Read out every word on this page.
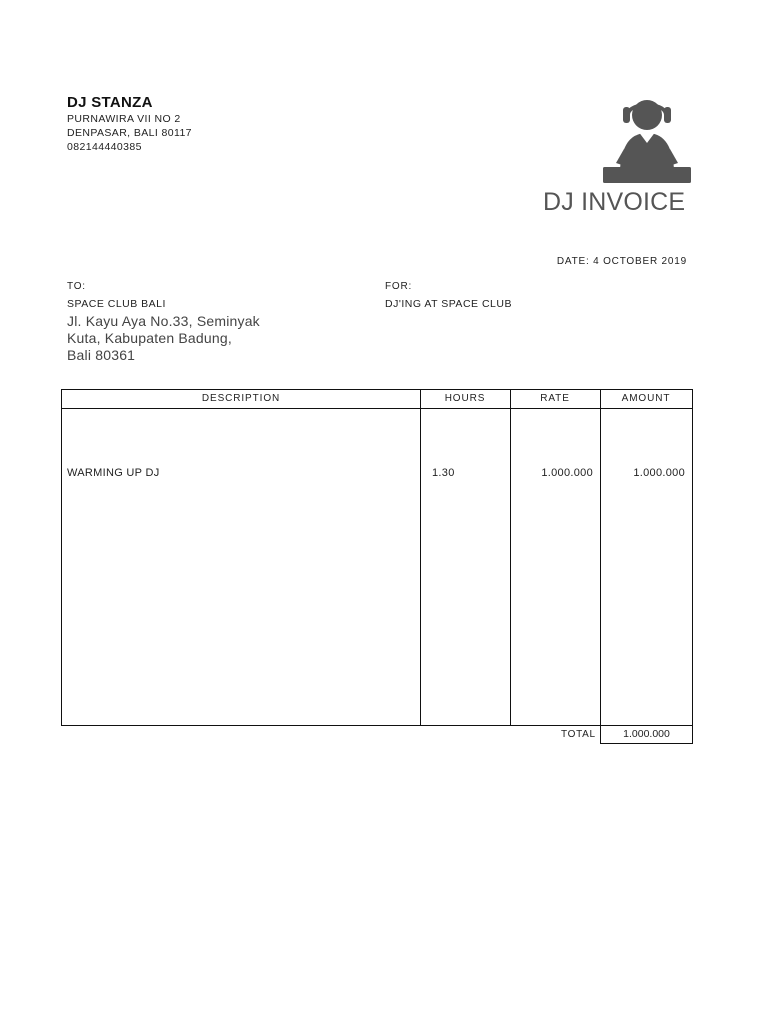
DJ STANZA
PURNAWIRA VII NO 2
DENPASAR, BALI 80117
082144440385
DJ INVOICE
DATE: 4 OCTOBER 2019
TO:
SPACE CLUB BALI
Jl. Kayu Aya No.33, Seminyak
Kuta, Kabupaten Badung,
Bali 80361
FOR:
DJ'ING AT SPACE CLUB
DESCRIPTION	HOURS	RATE	AMOUNT
WARMING UP DJ	1.30	1.000.000	1.000.000
TOTAL	1.000.000
